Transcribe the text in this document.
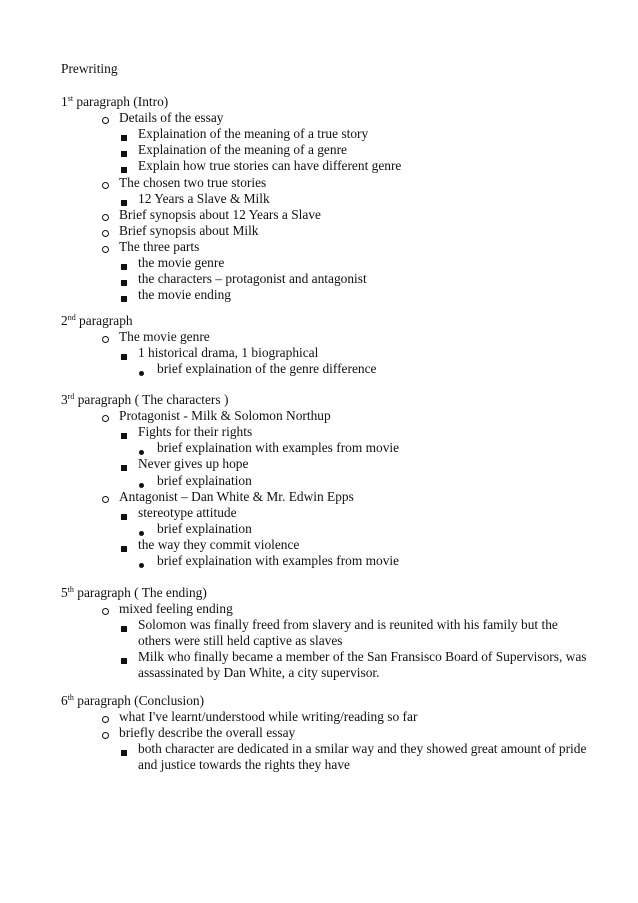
Prewriting
1st paragraph (Intro)
Details of the essay
Explaination of the meaning of a true story
Explaination of the meaning of a genre
Explain how true stories can have different genre
The chosen two true stories
12 Years a Slave & Milk
Brief synopsis about 12 Years a Slave
Brief synopsis about Milk
The three parts
the movie genre
the characters – protagonist and antagonist
the movie ending
2nd paragraph
The movie genre
1 historical drama, 1 biographical
brief explaination of the genre difference
3rd paragraph ( The characters )
Protagonist - Milk & Solomon Northup
Fights for their rights
brief explaination with examples from movie
Never gives up hope
brief explaination
Antagonist – Dan White & Mr. Edwin Epps
stereotype attitude
brief explaination
the way they commit violence
brief explaination with examples from movie
5th paragraph ( The ending)
mixed feeling ending
Solomon was finally freed from slavery and is reunited with his family but the others were still held captive as slaves
Milk who finally became a member of the San Fransisco Board of Supervisors, was assassinated by Dan White, a city supervisor.
6th paragraph (Conclusion)
what I've learnt/understood while writing/reading so far
briefly describe the overall essay
both character are dedicated in a smilar way and they showed great amount of pride and justice towards the rights they have
